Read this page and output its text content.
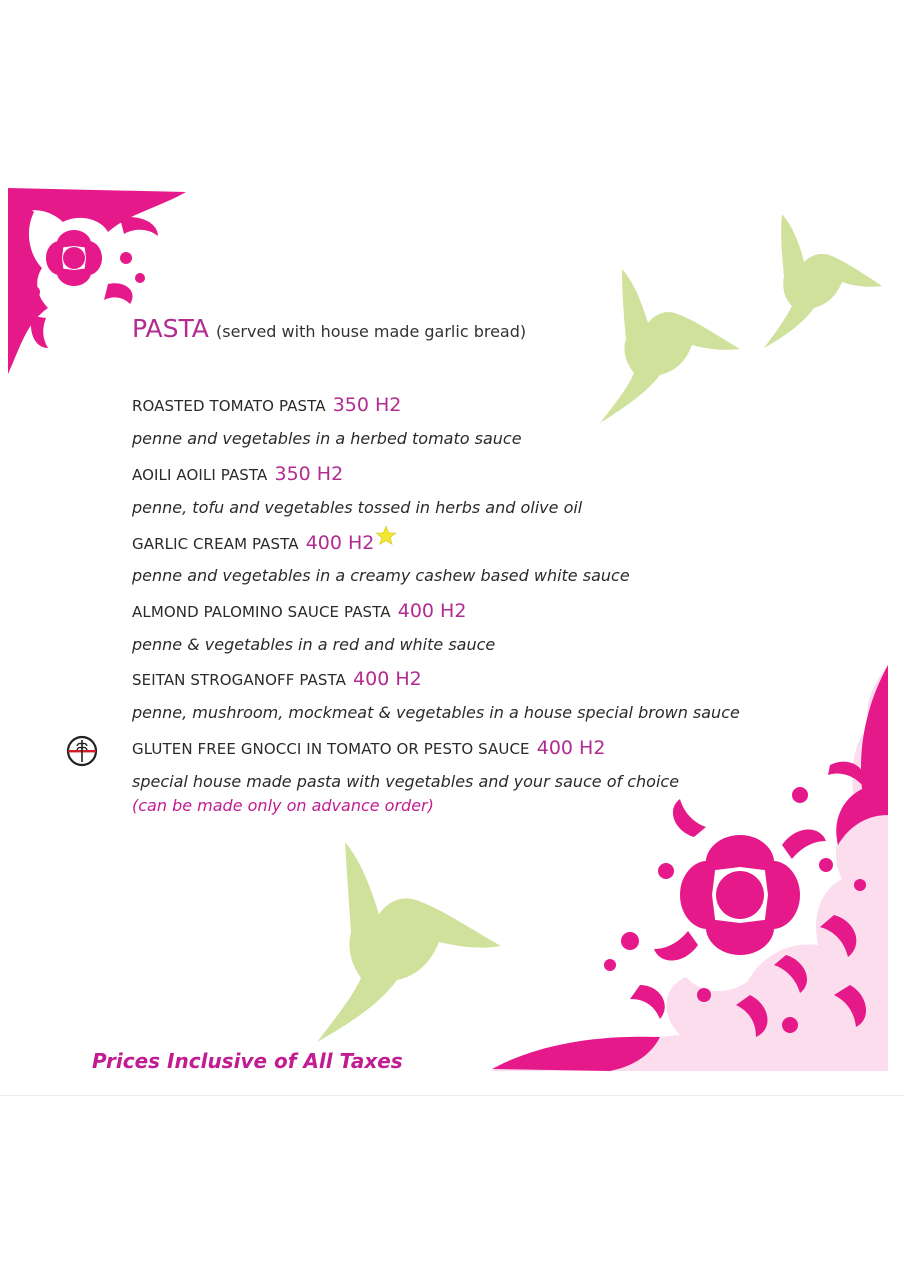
PASTA (served with house made garlic bread)
ROASTED TOMATO PASTA 350 H2
penne and vegetables in a herbed tomato sauce
AOILI AOILI PASTA 350 H2
penne, tofu and vegetables tossed in herbs and olive oil
GARLIC CREAM PASTA 400 H2
penne and vegetables in a creamy cashew based white sauce
ALMOND PALOMINO SAUCE PASTA 400 H2
penne & vegetables in a red and white sauce
SEITAN STROGANOFF PASTA 400 H2
penne, mushroom, mockmeat & vegetables in a house special brown sauce
GLUTEN FREE GNOCCI IN TOMATO OR PESTO SAUCE 400 H2
special house made pasta with vegetables and your sauce of choice
(can be made only on advance order)
Prices Inclusive of All Taxes
